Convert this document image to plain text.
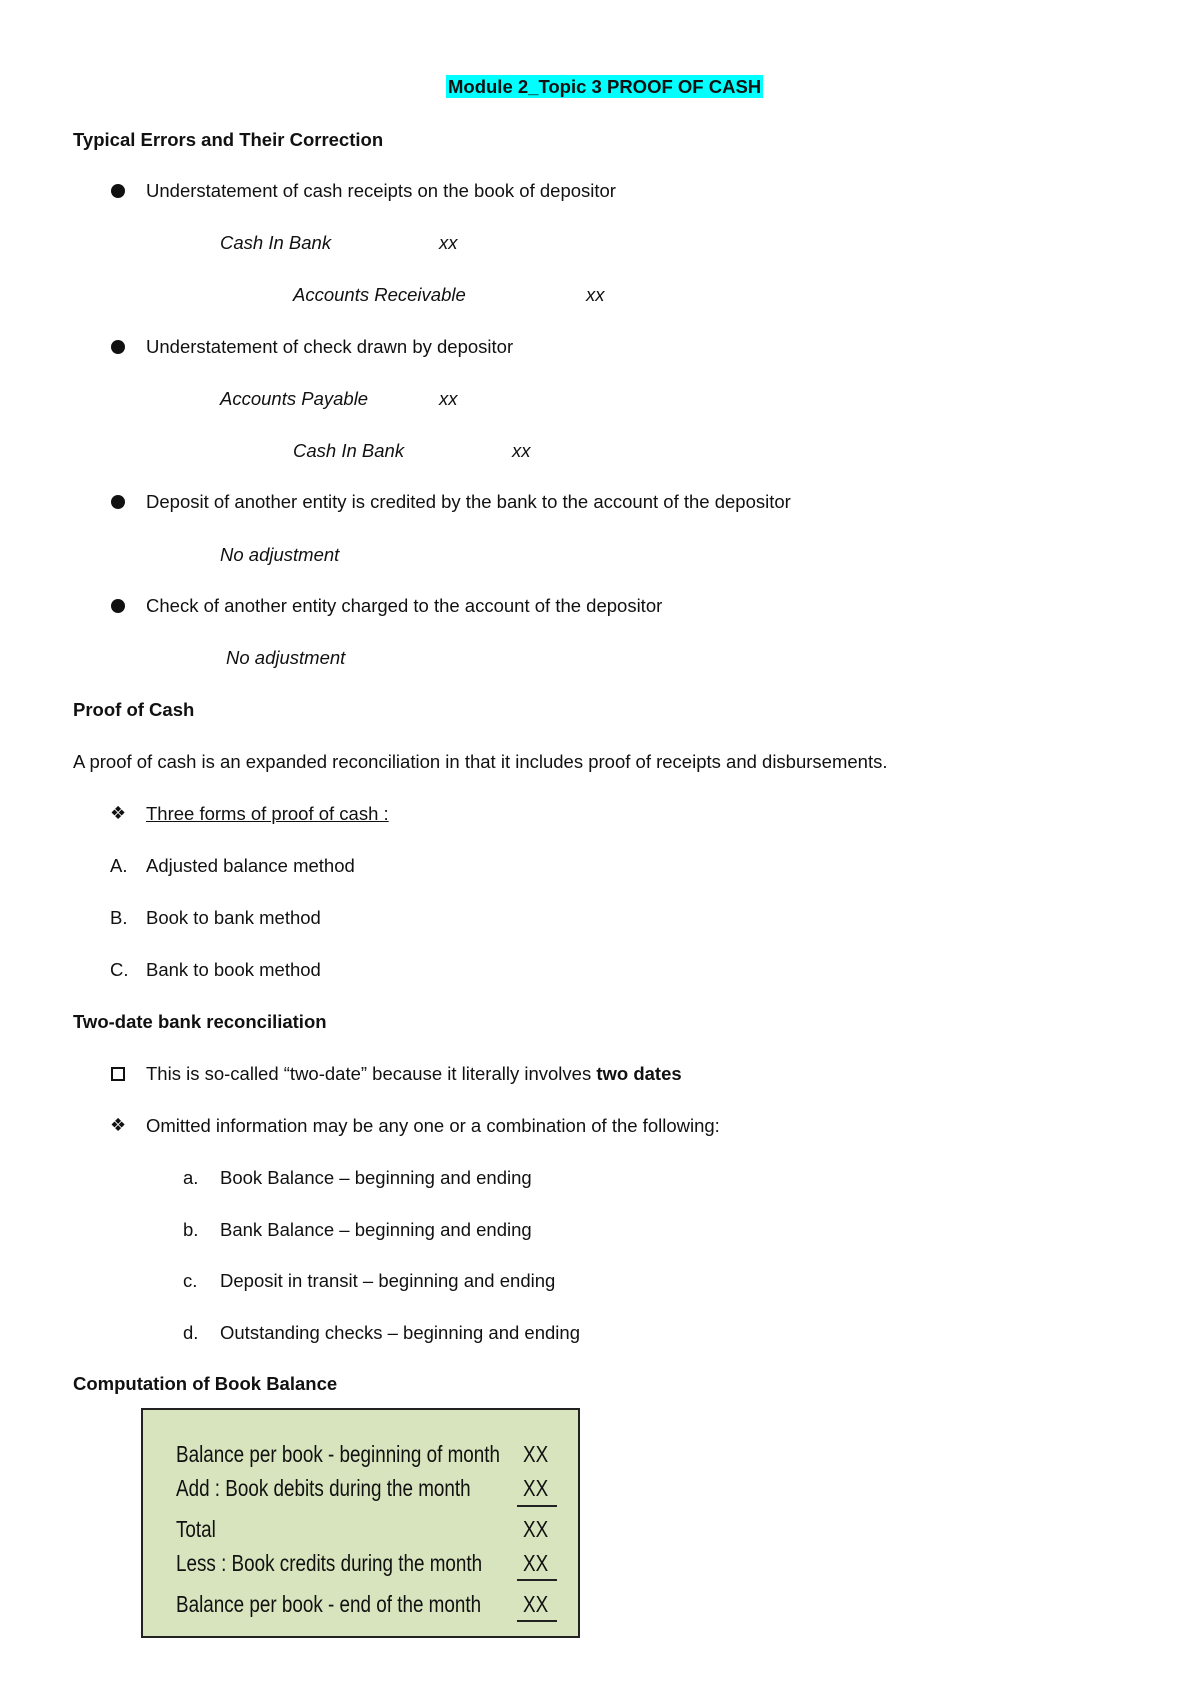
Module 2_Topic 3 PROOF OF CASH
Typical Errors and Their Correction
Understatement of cash receipts on the book of depositor
Cash In Bank	xx
Accounts Receivable	xx
Understatement of check drawn by depositor
Accounts Payable	xx
Cash In Bank	xx
Deposit of another entity is credited by the bank to the account of the depositor
No adjustment
Check of another entity charged to the account of the depositor
No adjustment
Proof of Cash
A proof of cash is an expanded reconciliation in that it includes proof of receipts and disbursements.
❖ Three forms of proof of cash :
A. Adjusted balance method
B. Book to bank method
C. Bank to book method
Two-date bank reconciliation
This is so-called “two-date” because it literally involves two dates
❖ Omitted information may be any one or a combination of the following:
a. Book Balance – beginning and ending
b. Bank Balance – beginning and ending
c. Deposit in transit – beginning and ending
d. Outstanding checks – beginning and ending
Computation of Book Balance
Balance per book - beginning of month XX
Add : Book debits during the month XX
Total	XX
Less : Book credits during the month XX
Balance per book - end of the month XX
